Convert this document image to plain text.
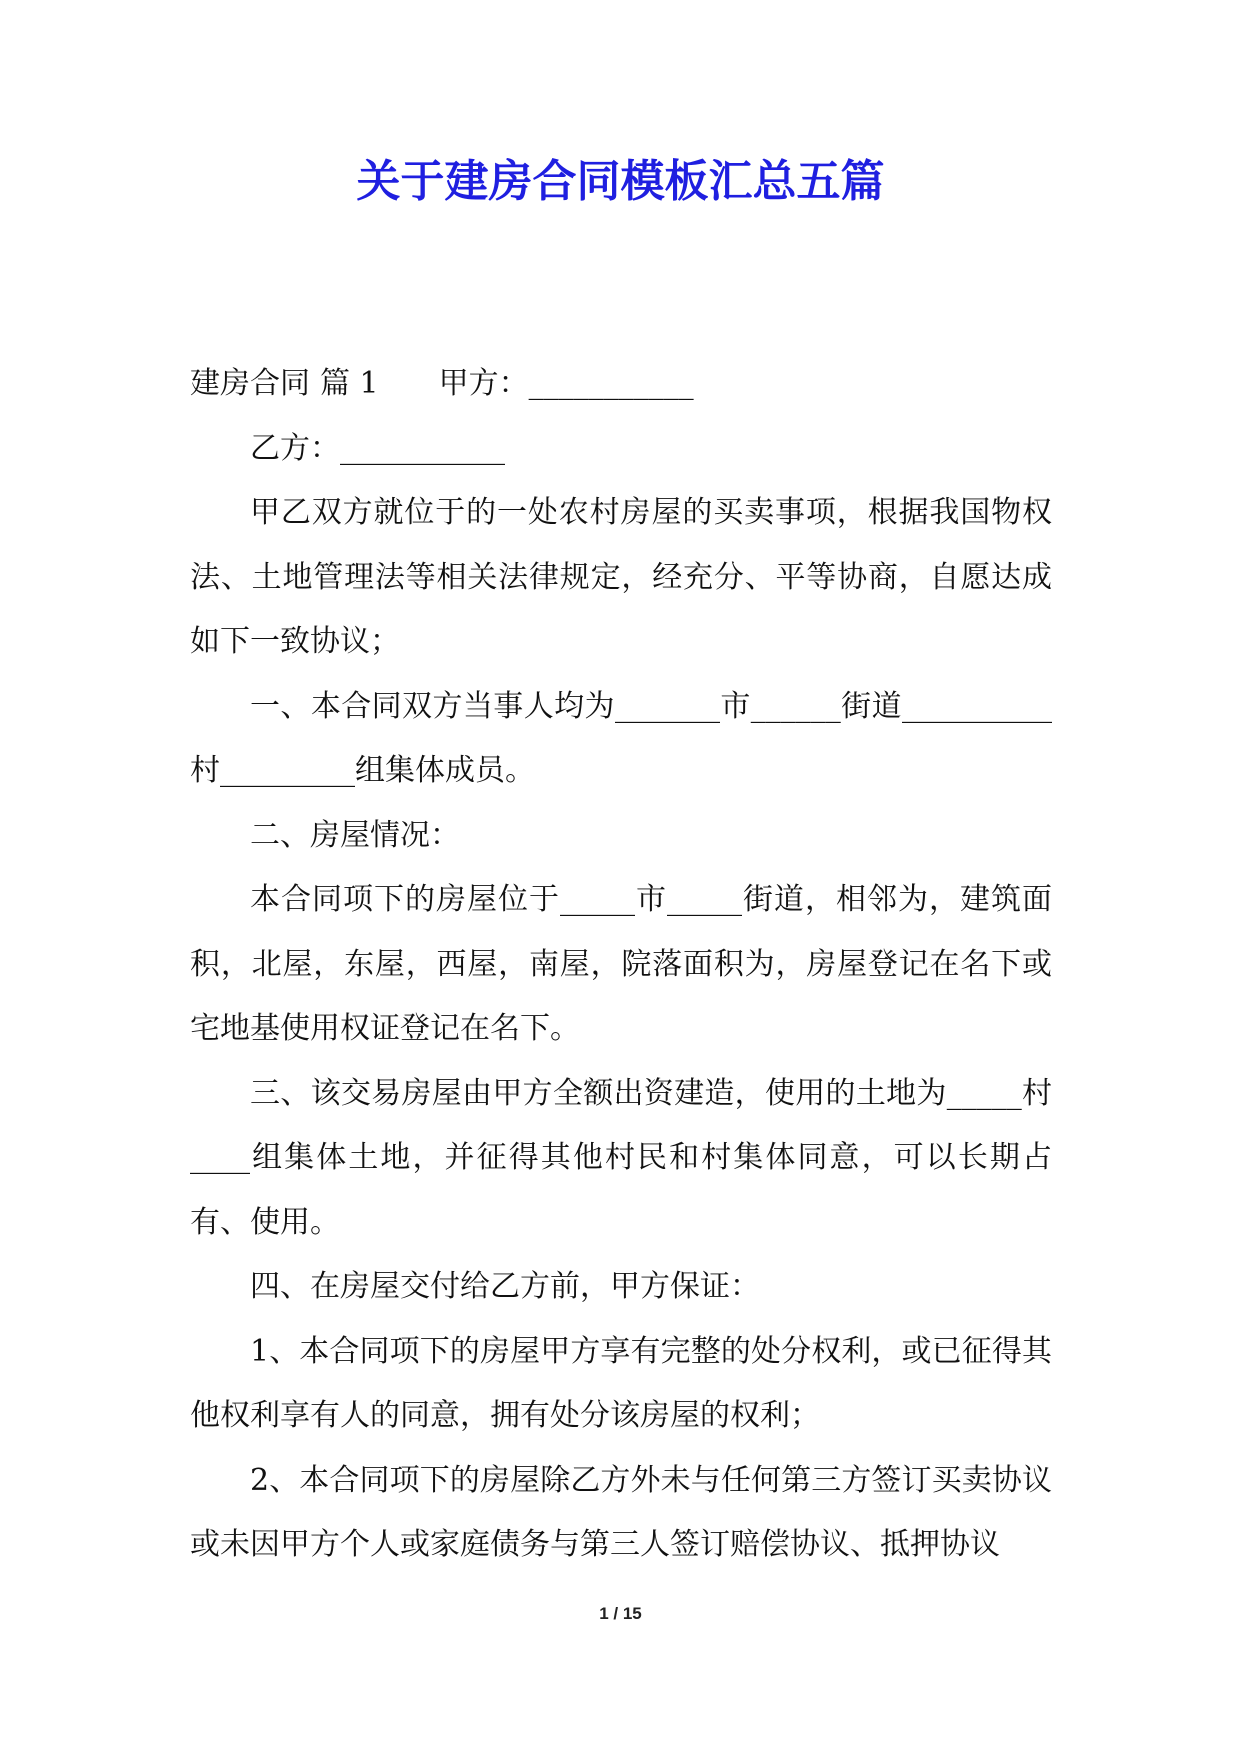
关于建房合同模板汇总五篇

建房合同 篇 1 甲方：___________

乙方：___________

甲乙双方就位于的一处农村房屋的买卖事项，根据我国物权法、土地管理法等相关法律规定，经充分、平等协商，自愿达成如下一致协议；

一、本合同双方当事人均为_______市______街道__________村_________组集体成员。

二、房屋情况：

本合同项下的房屋位于_____市_____街道，相邻为，建筑面积，北屋，东屋，西屋，南屋，院落面积为，房屋登记在名下或宅地基使用权证登记在名下。

三、该交易房屋由甲方全额出资建造，使用的土地为_____村____组集体土地，并征得其他村民和村集体同意，可以长期占有、使用。

四、在房屋交付给乙方前，甲方保证：

1、本合同项下的房屋甲方享有完整的处分权利，或已征得其他权利享有人的同意，拥有处分该房屋的权利；

2、本合同项下的房屋除乙方外未与任何第三方签订买卖协议或未因甲方个人或家庭债务与第三人签订赔偿协议、抵押协议

1 / 15
